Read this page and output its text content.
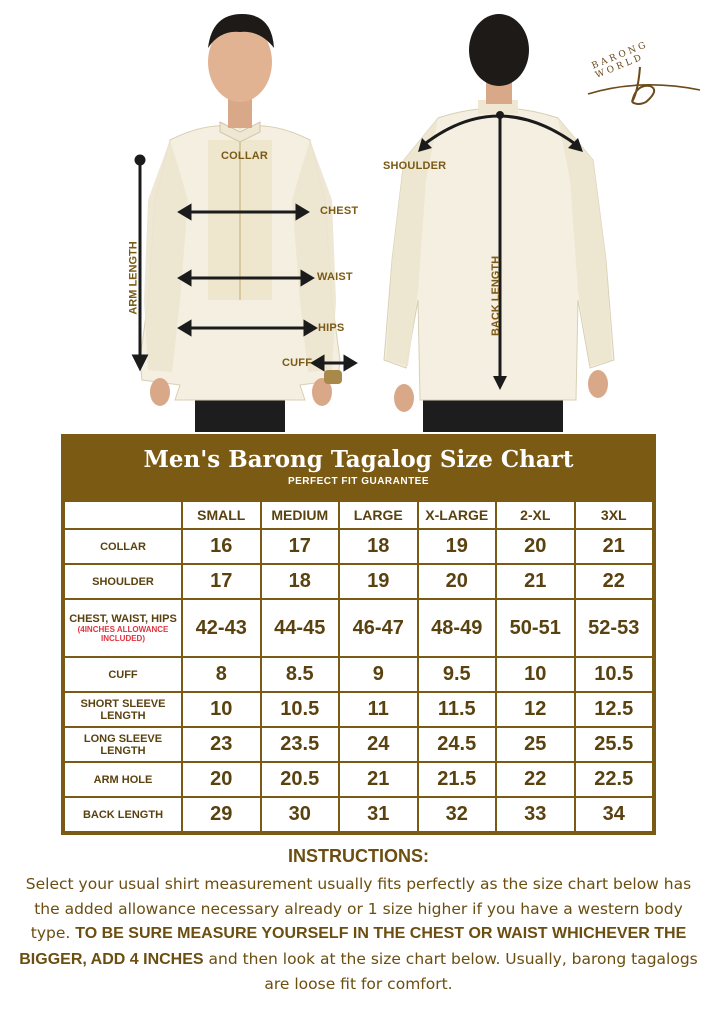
COLLAR
CHEST
WAIST
HIPS
CUFF
ARM LENGTH
SHOULDER
BACK LENGTH
BARONG WORLD
Men's Barong Tagalog Size Chart
PERFECT FIT GUARANTEE
	SMALL	MEDIUM	LARGE	X-LARGE	2-XL	3XL
COLLAR	16	17	18	19	20	21
SHOULDER	17	18	19	20	21	22
CHEST, WAIST, HIPS
(4INCHES ALLOWANCE INCLUDED)	42-43	44-45	46-47	48-49	50-51	52-53
CUFF	8	8.5	9	9.5	10	10.5
SHORT SLEEVE LENGTH	10	10.5	11	11.5	12	12.5
LONG SLEEVE LENGTH	23	23.5	24	24.5	25	25.5
ARM HOLE	20	20.5	21	21.5	22	22.5
BACK LENGTH	29	30	31	32	33	34
INSTRUCTIONS:
Select your usual shirt measurement usually fits perfectly as the size chart below has the added allowance necessary already or 1 size higher if you have a western body type. TO BE SURE MEASURE YOURSELF IN THE CHEST OR WAIST WHICHEVER THE BIGGER, ADD 4 INCHES and then look at the size chart below. Usually, barong tagalogs are loose fit for comfort.
